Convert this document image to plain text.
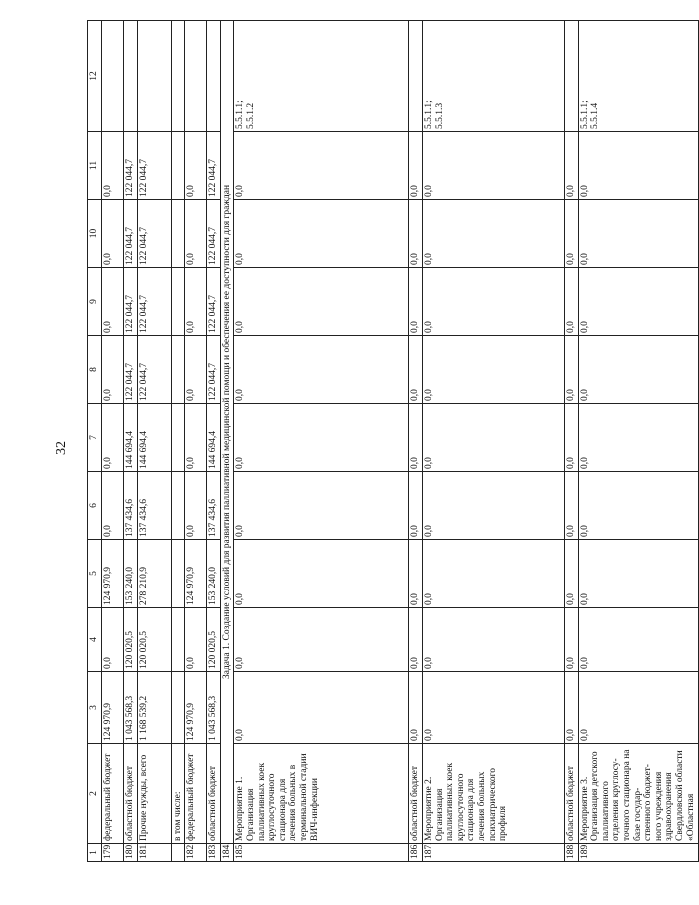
32
1	2	3	4	5	6	7	8	9	10	11	12
179.	федеральный бюджет	124 970,9	0,0	124 970,9	0,0	0,0	0,0	0,0	0,0	0,0	
180.	областной бюджет	1 043 568,3	120 020,5	153 240,0	137 434,6	144 694,4	122 044,7	122 044,7	122 044,7	122 044,7	
181.	Прочие нужды, всего	1 168 539,2	120 020,5	278 210,9	137 434,6	144 694,4	122 044,7	122 044,7	122 044,7	122 044,7	
	в том числе:										
182.	федеральный бюджет	124 970,9	0,0	124 970,9	0,0	0,0	0,0	0,0	0,0	0,0	
183.	областной бюджет	1 043 568,3	120 020,5	153 240,0	137 434,6	144 694,4	122 044,7	122 044,7	122 044,7	122 044,7	
184.	Задача 1. Создание условий для развития паллиативной медицинской помощи и обеспечения ее доступности для граждан										
185.	Мероприятие 1. Организация паллиативных коек круглосуточного стационара для лечения больных в терминальной стадии ВИЧ-инфекции	0,0	0,0	0,0	0,0	0,0	0,0	0,0	0,0	0,0	5.5.1.1; 5.5.1.2

186.	областной бюджет	0,0	0,0	0,0	0,0	0,0	0,0	0,0	0,0	0,0	
187.	Мероприятие 2. Организация паллиативных коек круглосуточного стационара для лечения больных психиатрического профиля	0,0	0,0	0,0	0,0	0,0	0,0	0,0	0,0	0,0	5.5.1.1; 5.5.1.3

188.	областной бюджет	0,0	0,0	0,0	0,0	0,0	0,0	0,0	0,0	0,0	
189.	Мероприятие 3. Организация детского паллиативного отделения круглосу- точного стационара на базе государ- ственного бюджет- ного учреждения здравоохранения Свердловской области «Областная	0,0	0,0	0,0	0,0	0,0	0,0	0,0	0,0	0,0	5.5.1.1; 5.5.1.4
